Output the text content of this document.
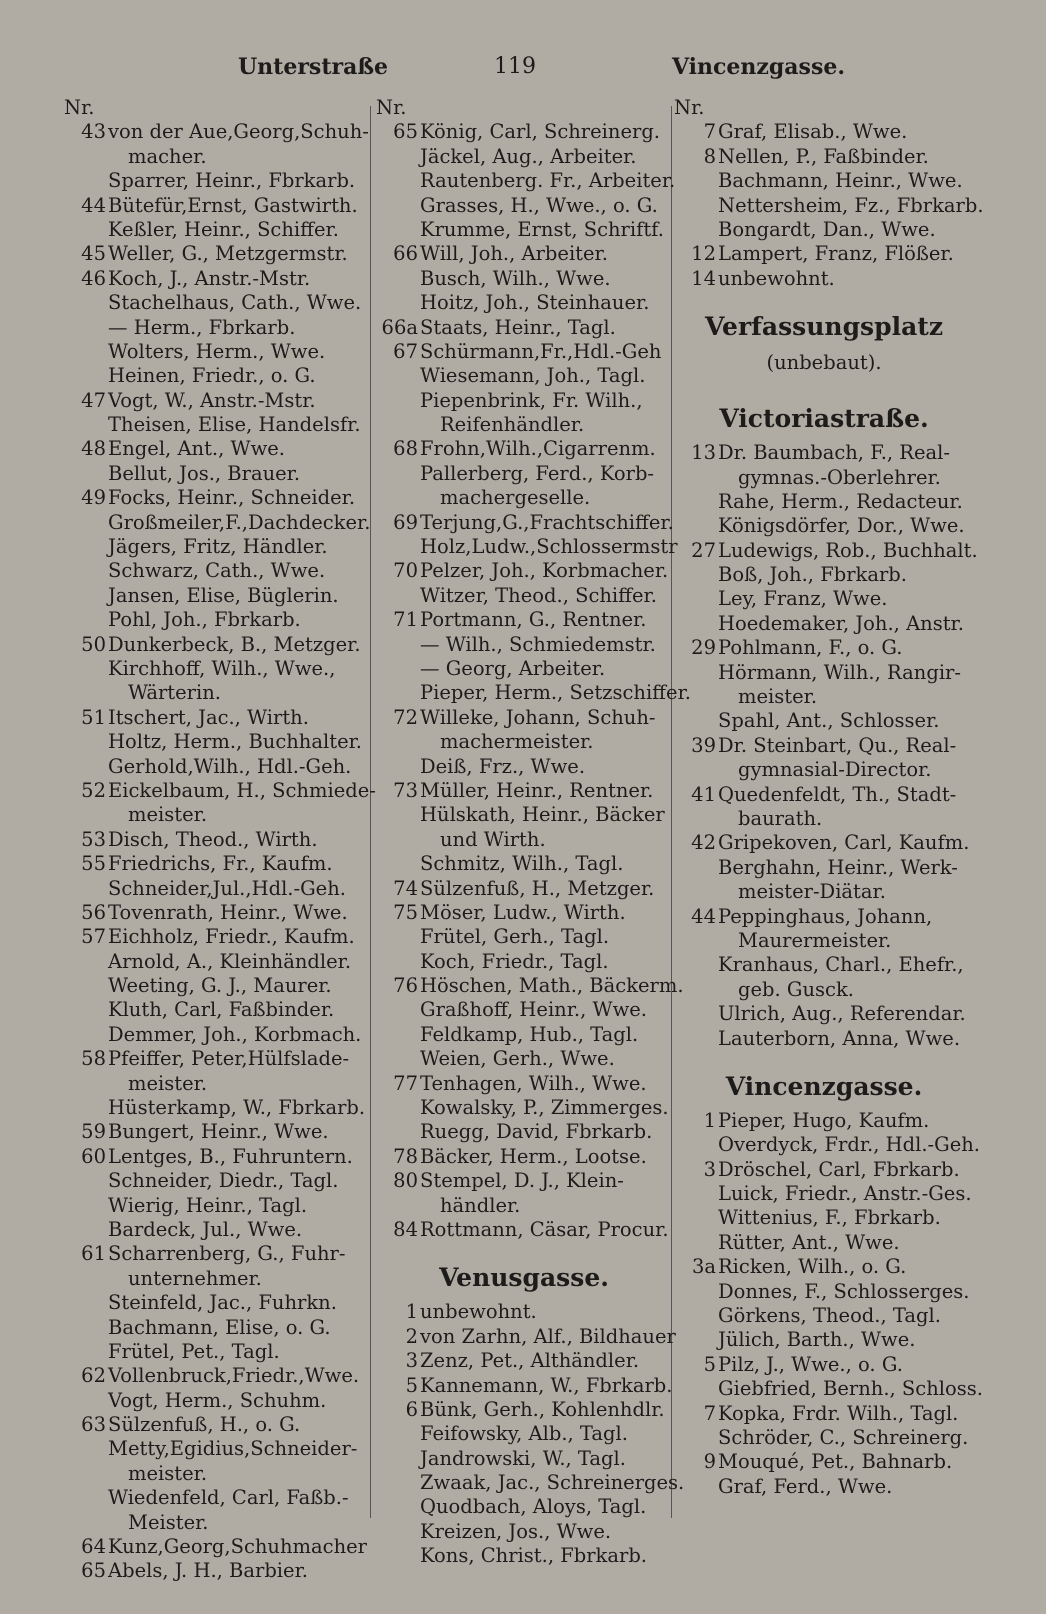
Unterstraße	119	Vincenzgasse.
Nr.
43 von der Aue,Georg,Schuh-
macher.
Sparrer, Heinr., Fbrkarb.
44 Bütefür,Ernst, Gastwirth.
Keßler, Heinr., Schiffer.
45 Weller, G., Metzgermstr.
46 Koch, J., Anstr.-Mstr.
Stachelhaus, Cath., Wwe.
— Herm., Fbrkarb.
Wolters, Herm., Wwe.
Heinen, Friedr., o. G.
47 Vogt, W., Anstr.-Mstr.
Theisen, Elise, Handelsfr.
48 Engel, Ant., Wwe.
Bellut, Jos., Brauer.
49 Focks, Heinr., Schneider.
Großmeiler,F.,Dachdecker.
Jägers, Fritz, Händler.
Schwarz, Cath., Wwe.
Jansen, Elise, Büglerin.
Pohl, Joh., Fbrkarb.
50 Dunkerbeck, B., Metzger.
Kirchhoff, Wilh., Wwe.,
Wärterin.
51 Itschert, Jac., Wirth.
Holtz, Herm., Buchhalter.
Gerhold,Wilh., Hdl.-Geh.
52 Eickelbaum, H., Schmiede-
meister.
53 Disch, Theod., Wirth.
55 Friedrichs, Fr., Kaufm.
Schneider,Jul.,Hdl.-Geh.
56 Tovenrath, Heinr., Wwe.
57 Eichholz, Friedr., Kaufm.
Arnold, A., Kleinhändler.
Weeting, G. J., Maurer.
Kluth, Carl, Faßbinder.
Demmer, Joh., Korbmach.
58 Pfeiffer, Peter,Hülfslade-
meister.
Hüsterkamp, W., Fbrkarb.
59 Bungert, Heinr., Wwe.
60 Lentges, B., Fuhruntern.
Schneider, Diedr., Tagl.
Wierig, Heinr., Tagl.
Bardeck, Jul., Wwe.
61 Scharrenberg, G., Fuhr-
unternehmer.
Steinfeld, Jac., Fuhrkn.
Bachmann, Elise, o. G.
Frütel, Pet., Tagl.
62 Vollenbruck,Friedr.,Wwe.
Vogt, Herm., Schuhm.
63 Sülzenfuß, H., o. G.
Metty,Egidius,Schneider-
meister.
Wiedenfeld, Carl, Faßb.-
Meister.
64 Kunz,Georg,Schuhmacher
65 Abels, J. H., Barbier.
Nr.
65 König, Carl, Schreinerg.
Jäckel, Aug., Arbeiter.
Rautenberg. Fr., Arbeiter.
Grasses, H., Wwe., o. G.
Krumme, Ernst, Schriftf.
66 Will, Joh., Arbeiter.
Busch, Wilh., Wwe.
Hoitz, Joh., Steinhauer.
66a Staats, Heinr., Tagl.
67 Schürmann,Fr.,Hdl.-Geh
Wiesemann, Joh., Tagl.
Piepenbrink, Fr. Wilh.,
Reifenhändler.
68 Frohn,Wilh.,Cigarrenm.
Pallerberg, Ferd., Korb-
machergeselle.
69 Terjung,G.,Frachtschiffer.
Holz,Ludw.,Schlossermstr
70 Pelzer, Joh., Korbmacher.
Witzer, Theod., Schiffer.
71 Portmann, G., Rentner.
— Wilh., Schmiedemstr.
— Georg, Arbeiter.
Pieper, Herm., Setzschiffer.
72 Willeke, Johann, Schuh-
machermeister.
Deiß, Frz., Wwe.
73 Müller, Heinr., Rentner.
Hülskath, Heinr., Bäcker
und Wirth.
Schmitz, Wilh., Tagl.
74 Sülzenfuß, H., Metzger.
75 Möser, Ludw., Wirth.
Frütel, Gerh., Tagl.
Koch, Friedr., Tagl.
76 Höschen, Math., Bäckerm.
Graßhoff, Heinr., Wwe.
Feldkamp, Hub., Tagl.
Weien, Gerh., Wwe.
77 Tenhagen, Wilh., Wwe.
Kowalsky, P., Zimmerges.
Ruegg, David, Fbrkarb.
78 Bäcker, Herm., Lootse.
80 Stempel, D. J., Klein-
händler.
84 Rottmann, Cäsar, Procur.
Venusgasse.
1 unbewohnt.
2 von Zarhn, Alf., Bildhauer
3 Zenz, Pet., Althändler.
5 Kannemann, W., Fbrkarb.
6 Bünk, Gerh., Kohlenhdlr.
Feifowsky, Alb., Tagl.
Jandrowski, W., Tagl.
Zwaak, Jac., Schreinerges.
Quodbach, Aloys, Tagl.
Kreizen, Jos., Wwe.
Kons, Christ., Fbrkarb.
Nr.
7 Graf, Elisab., Wwe.
8 Nellen, P., Faßbinder.
Bachmann, Heinr., Wwe.
Nettersheim, Fz., Fbrkarb.
Bongardt, Dan., Wwe.
12 Lampert, Franz, Flößer.
14 unbewohnt.
Verfassungsplatz
(unbebaut).
Victoriastraße.
13 Dr. Baumbach, F., Real-
gymnas.-Oberlehrer.
Rahe, Herm., Redacteur.
Königsdörfer, Dor., Wwe.
27 Ludewigs, Rob., Buchhalt.
Boß, Joh., Fbrkarb.
Ley, Franz, Wwe.
Hoedemaker, Joh., Anstr.
29 Pohlmann, F., o. G.
Hörmann, Wilh., Rangir-
meister.
Spahl, Ant., Schlosser.
39 Dr. Steinbart, Qu., Real-
gymnasial-Director.
41 Quedenfeldt, Th., Stadt-
baurath.
42 Gripekoven, Carl, Kaufm.
Berghahn, Heinr., Werk-
meister-Diätar.
44 Peppinghaus, Johann,
Maurermeister.
Kranhaus, Charl., Ehefr.,
geb. Gusck.
Ulrich, Aug., Referendar.
Lauterborn, Anna, Wwe.
Vincenzgasse.
1 Pieper, Hugo, Kaufm.
Overdyck, Frdr., Hdl.-Geh.
3 Dröschel, Carl, Fbrkarb.
Luick, Friedr., Anstr.-Ges.
Wittenius, F., Fbrkarb.
Rütter, Ant., Wwe.
3a Ricken, Wilh., o. G.
Donnes, F., Schlosserges.
Görkens, Theod., Tagl.
Jülich, Barth., Wwe.
5 Pilz, J., Wwe., o. G.
Giebfried, Bernh., Schloss.
7 Kopka, Frdr. Wilh., Tagl.
Schröder, C., Schreinerg.
9 Mouqué, Pet., Bahnarb.
Graf, Ferd., Wwe.
